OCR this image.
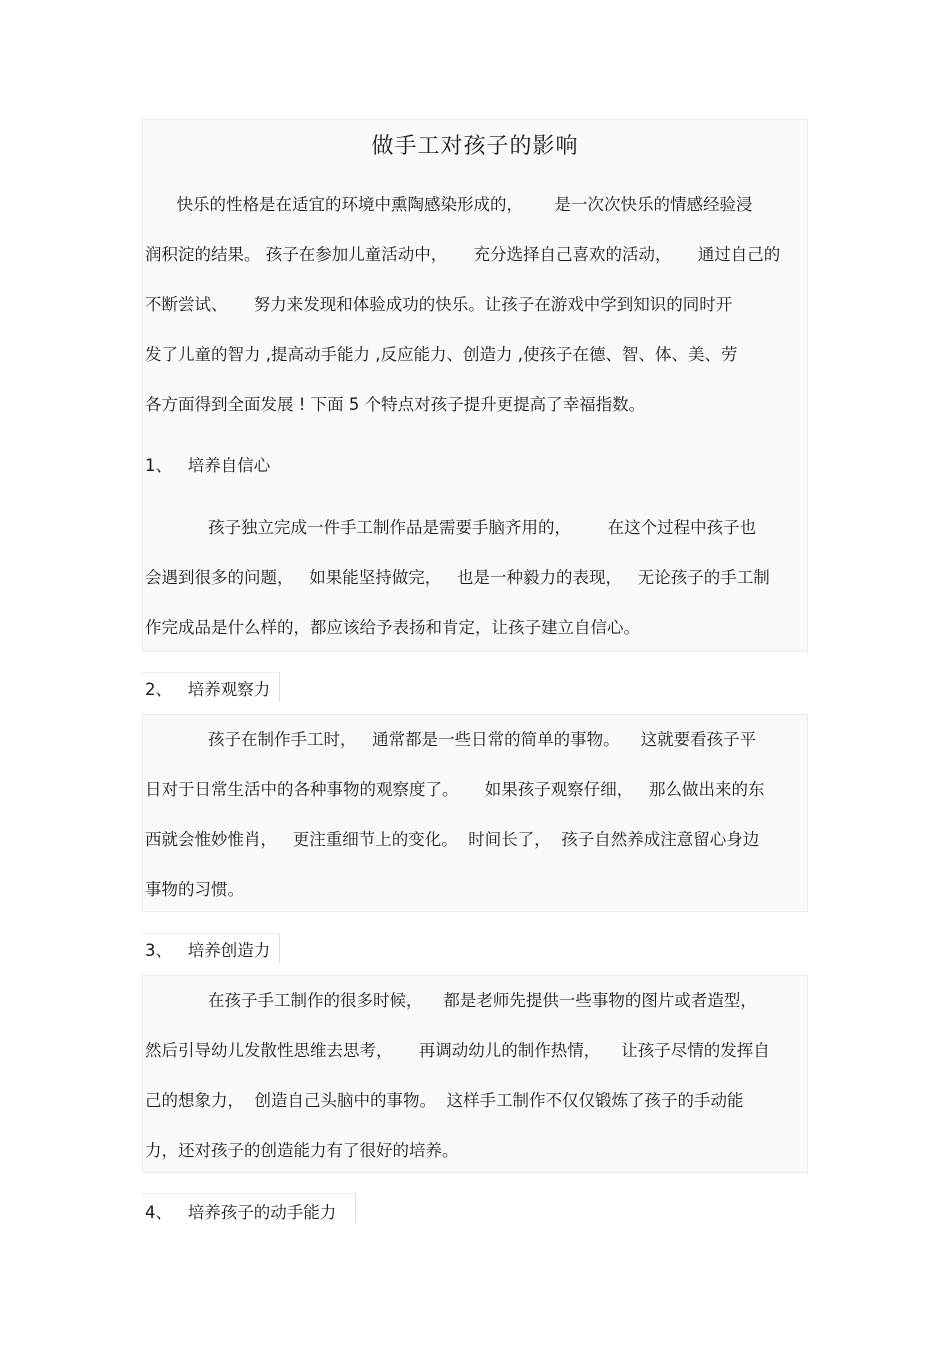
做手工对孩子的影响
快乐的性格是在适宜的环境中熏陶感染形成的，      是一次次快乐的情感经验浸
润积淀的结果。 孩子在参加儿童活动中，     充分选择自己喜欢的活动，     通过自己的
不断尝试、     努力来发现和体验成功的快乐。让孩子在游戏中学到知识的同时开
发了儿童的智力 ,提高动手能力 ,反应能力、创造力 ,使孩子在德、智、体、美、劳
各方面得到全面发展 ! 下面 5 个特点对孩子提升更提高了幸福指数。
1、   培养自信心
孩子独立完成一件手工制作品是需要手脑齐用的，       在这个过程中孩子也
会遇到很多的问题，   如果能坚持做完，   也是一种毅力的表现，   无论孩子的手工制
作完成品是什么样的，都应该给予表扬和肯定，让孩子建立自信心。
2、   培养观察力
孩子在制作手工时，   通常都是一些日常的简单的事物。    这就要看孩子平
日对于日常生活中的各种事物的观察度了。     如果孩子观察仔细，   那么做出来的东
西就会惟妙惟肖，   更注重细节上的变化。  时间长了，  孩子自然养成注意留心身边
事物的习惯。
3、   培养创造力
在孩子手工制作的很多时候，    都是老师先提供一些事物的图片或者造型，
然后引导幼儿发散性思维去思考，     再调动幼儿的制作热情，    让孩子尽情的发挥自
己的想象力，  创造自己头脑中的事物。  这样手工制作不仅仅锻炼了孩子的手动能
力，还对孩子的创造能力有了很好的培养。
4、   培养孩子的动手能力
